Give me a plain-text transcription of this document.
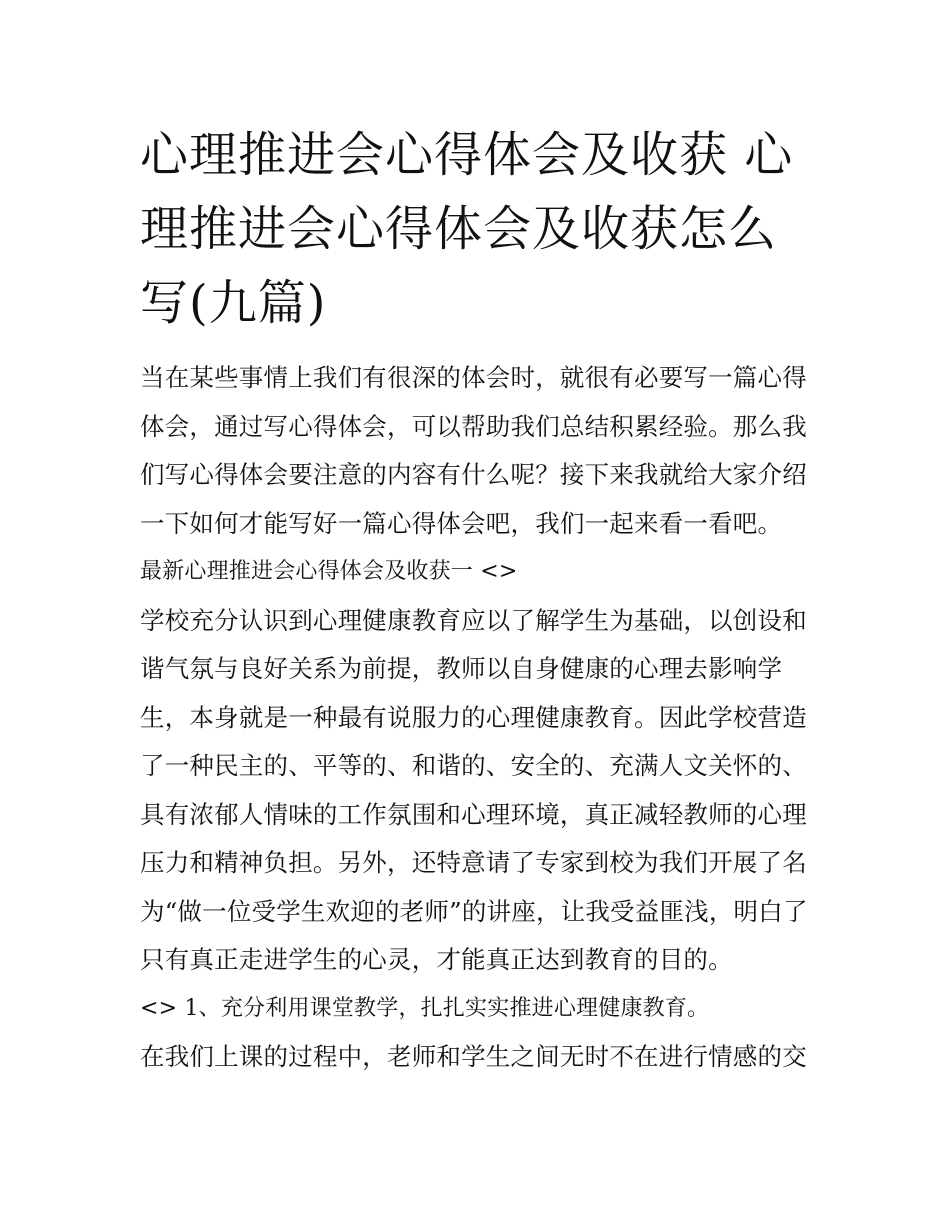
心理推进会心得体会及收获 心
理推进会心得体会及收获怎么
写(九篇)
当在某些事情上我们有很深的体会时，就很有必要写一篇心得
体会，通过写心得体会，可以帮助我们总结积累经验。那么我
们写心得体会要注意的内容有什么呢？接下来我就给大家介绍
一下如何才能写好一篇心得体会吧，我们一起来看一看吧。
最新心理推进会心得体会及收获一 <>
学校充分认识到心理健康教育应以了解学生为基础，以创设和
谐气氛与良好关系为前提，教师以自身健康的心理去影响学
生，本身就是一种最有说服力的心理健康教育。因此学校营造
了一种民主的、平等的、和谐的、安全的、充满人文关怀的、
具有浓郁人情味的工作氛围和心理环境，真正减轻教师的心理
压力和精神负担。另外，还特意请了专家到校为我们开展了名
为“做一位受学生欢迎的老师”的讲座，让我受益匪浅，明白了
只有真正走进学生的心灵，才能真正达到教育的目的。
<> 1、充分利用课堂教学，扎扎实实推进心理健康教育。
在我们上课的过程中，老师和学生之间无时不在进行情感的交
